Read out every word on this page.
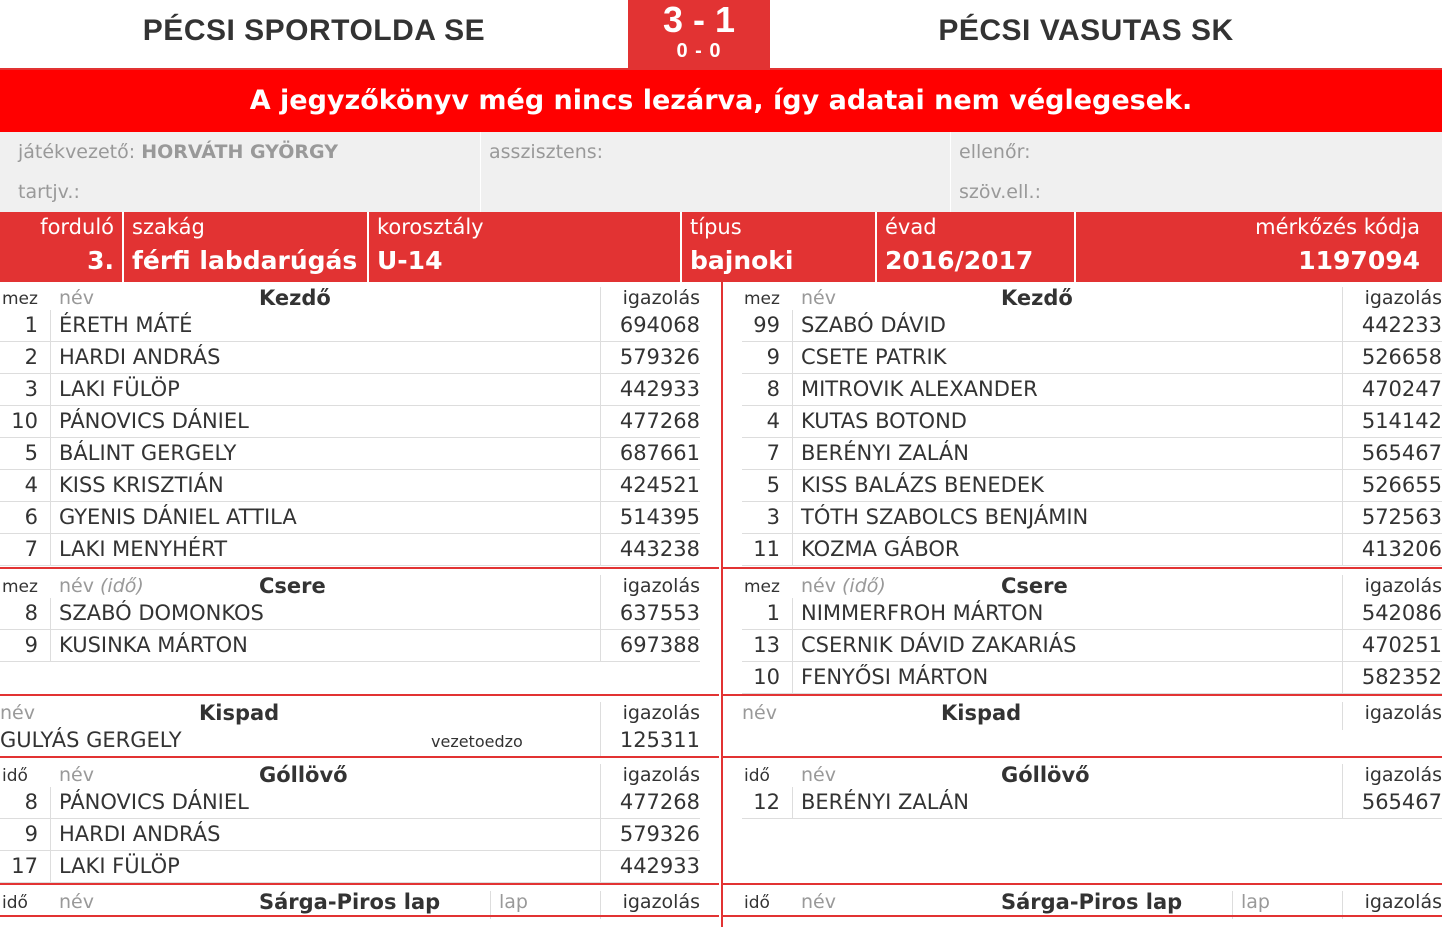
PÉCSI SPORTOLDA SE	3 - 1
0 - 0
PÉCSI VASUTAS SK
A jegyzőkönyv még nincs lezárva, így adatai nem véglegesek.
játékvezető: HORVÁTH GYÖRGY
tartjv.:
asszisztens:	ellenőr:
szöv.ell.:
forduló
3.
szakág
férfi labdarúgás
korosztály
U-14
típus
bajnoki
évad
2016/2017
mérkőzés kódja
1197094
mez név	Kezdő	igazolás
1 ÉRETH MÁTÉ	694068
2 HARDI ANDRÁS	579326
3 LAKI FÜLÖP	442933
10 PÁNOVICS DÁNIEL	477268
5 BÁLINT GERGELY	687661
4 KISS KRISZTIÁN	424521
6 GYENIS DÁNIEL ATTILA	514395
7 LAKI MENYHÉRT	443238
mez név (idő)	Csere	igazolás
8 SZABÓ DOMONKOS	637553
9 KUSINKA MÁRTON	697388
név	Kispad	igazolás
GULYÁS GERGELY	vezetoedzo	125311
idő név	Góllövő	igazolás
8 PÁNOVICS DÁNIEL	477268
9 HARDI ANDRÁS	579326
17 LAKI FÜLÖP	442933
idő név	Sárga-Piros lap	lap	igazolás
mez név	Kezdő	igazolás
99 SZABÓ DÁVID	442233
9 CSETE PATRIK	526658
8 MITROVIK ALEXANDER	470247
4 KUTAS BOTOND	514142
7 BERÉNYI ZALÁN	565467
5 KISS BALÁZS BENEDEK	526655
3 TÓTH SZABOLCS BENJÁMIN	572563
11 KOZMA GÁBOR	413206
mez név (idő)	Csere	igazolás
1 NIMMERFROH MÁRTON	542086
13 CSERNIK DÁVID ZAKARIÁS	470251
10 FENYŐSI MÁRTON	582352
név	Kispad	igazolás
idő név	Góllövő	igazolás
12 BERÉNYI ZALÁN	565467
idő név	Sárga-Piros lap	lap	igazolás
